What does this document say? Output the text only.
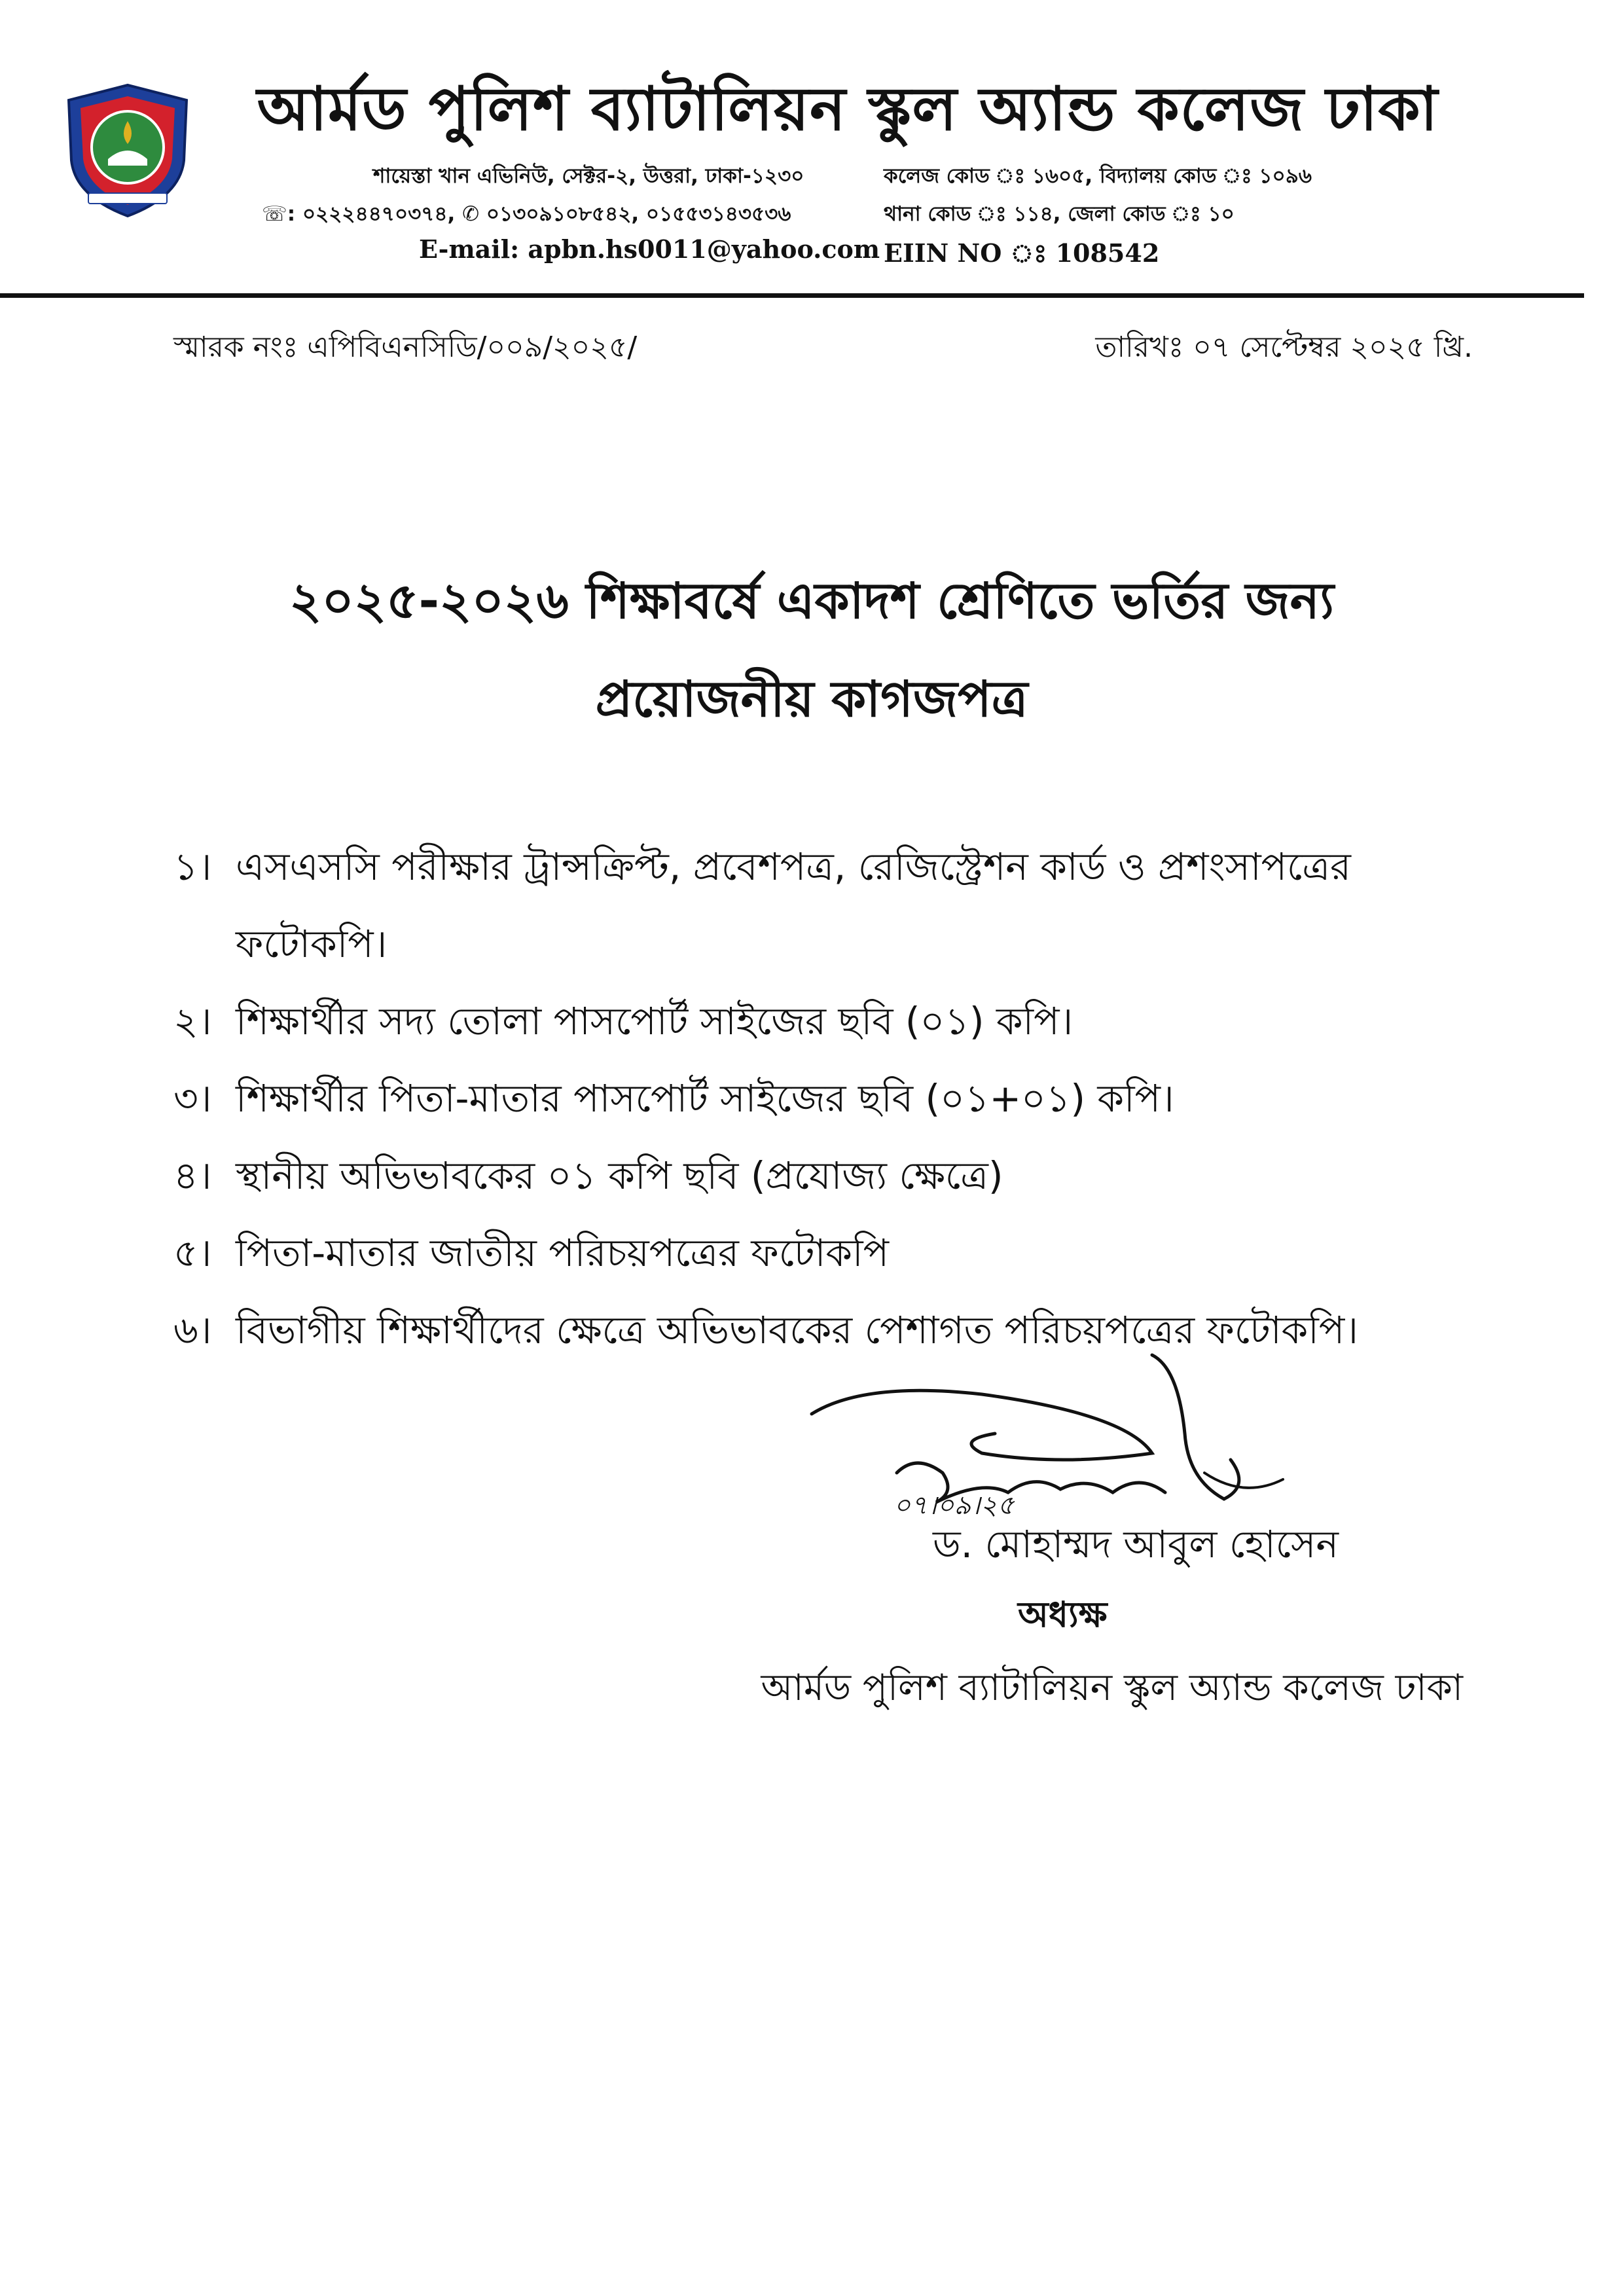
আর্মড পুলিশ ব্যাটালিয়ন স্কুল অ্যান্ড কলেজ ঢাকা
শায়েস্তা খান এভিনিউ, সেক্টর-২, উত্তরা, ঢাকা-১২৩০	কলেজ কোড ঃ ১৬০৫, বিদ্যালয় কোড ঃ ১০৯৬
☏: ০২২২৪৪৭০৩৭৪, ✆ ০১৩০৯১০৮৫৪২, ০১৫৫৩১৪৩৫৩৬	থানা কোড ঃ ১১৪, জেলা কোড ঃ ১০
E-mail: apbn.hs0011@yahoo.com EIIN NO ঃ 108542
স্মারক নংঃ এপিবিএনসিডি/০০৯/২০২৫/	তারিখঃ ০৭ সেপ্টেম্বর ২০২৫ খ্রি.
২০২৫-২০২৬ শিক্ষাবর্ষে একাদশ শ্রেণিতে ভর্তির জন্য
প্রয়োজনীয় কাগজপত্র
১। এসএসসি পরীক্ষার ট্রান্সক্রিপ্ট, প্রবেশপত্র, রেজিস্ট্রেশন কার্ড ও প্রশংসাপত্রের ফটোকপি।
২। শিক্ষার্থীর সদ্য তোলা পাসপোর্ট সাইজের ছবি (০১) কপি।
৩। শিক্ষার্থীর পিতা-মাতার পাসপোর্ট সাইজের ছবি (০১+০১) কপি।
৪। স্থানীয় অভিভাবকের ০১ কপি ছবি (প্রযোজ্য ক্ষেত্রে)
৫। পিতা-মাতার জাতীয় পরিচয়পত্রের ফটোকপি
৬। বিভাগীয় শিক্ষার্থীদের ক্ষেত্রে অভিভাবকের পেশাগত পরিচয়পত্রের ফটোকপি।
০৭।০৯।২৫
ড. মোহাম্মদ আবুল হোসেন
অধ্যক্ষ
আর্মড পুলিশ ব্যাটালিয়ন স্কুল অ্যান্ড কলেজ ঢাকা
